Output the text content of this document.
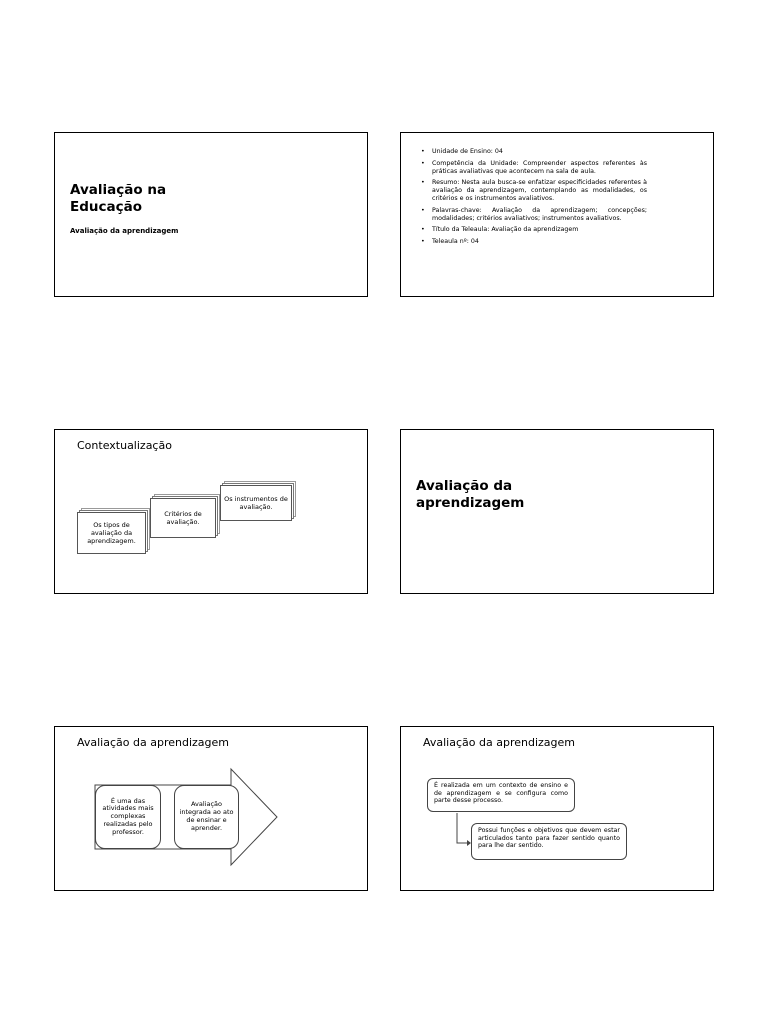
Avaliação na Educação
Avaliação da aprendizagem
• Unidade de Ensino: 04
• Competência da Unidade: Compreender aspectos referentes às práticas avaliativas que acontecem na sala de aula.
• Resumo: Nesta aula busca-se enfatizar especificidades referentes à avaliação da aprendizagem, contemplando as modalidades, os critérios e os instrumentos avaliativos.
• Palavras-chave: Avaliação da aprendizagem; concepções; modalidades; critérios avaliativos; instrumentos avaliativos.
• Título da Teleaula: Avaliação da aprendizagem
• Teleaula nº: 04
Contextualização
Os tipos de avaliação da aprendizagem.
Critérios de avaliação.
Os instrumentos de avaliação.
Avaliação da aprendizagem
Avaliação da aprendizagem
É uma das atividades mais complexas realizadas pelo professor.
Avaliação integrada ao ato de ensinar e aprender.
Avaliação da aprendizagem
É realizada em um contexto de ensino e de aprendizagem e se configura como parte desse processo.
Possui funções e objetivos que devem estar articulados tanto para fazer sentido quanto para lhe dar sentido.
